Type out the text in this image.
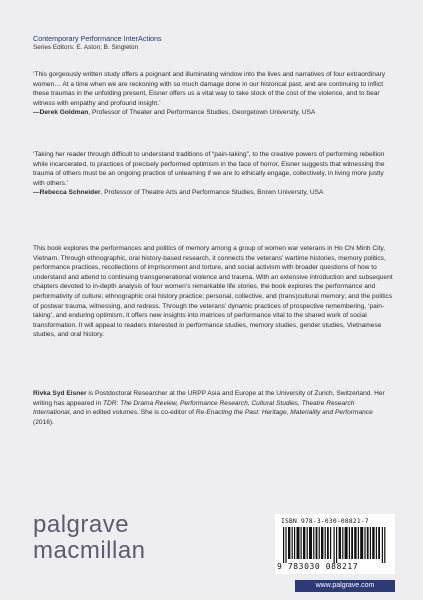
Contemporary Performance InterActions
Series Editors: E. Aston; B. Singleton

‘This gorgeously written study offers a poignant and illuminating window into the lives and narratives of four extraordinary women… At a time when we are reckoning with so much damage done in our historical past, and are continuing to inflict these traumas in the unfolding present, Eisner offers us a vital way to take stock of the cost of the violence, and to bear witness with empathy and profound insight.’

—Derek Goldman, Professor of Theater and Performance Studies, Georgetown University, USA

‘Taking her reader through difficult to understand traditions of “pain-taking”, to the creative powers of performing rebellion while incarcerated, to practices of precisely performed optimism in the face of horror, Eisner suggests that witnessing the trauma of others must be an ongoing practice of unlearning if we are to ethically engage, collectively, in living more justly with others.’

—Rebecca Schneider, Professor of Theatre Arts and Performance Studies, Brown University, USA

This book explores the performances and politics of memory among a group of women war veterans in Ho Chi Minh City, Vietnam. Through ethnographic, oral history-based research, it connects the veterans’ wartime histories, memory politics, performance practices, recollections of imprisonment and torture, and social activism with broader questions of how to understand and attend to continuing transgenerational violence and trauma. With an extensive introduction and subsequent chapters devoted to in-depth analysis of four women’s remarkable life stories, the book explores the performance and performativity of culture; ethnographic oral history practice; personal, collective, and (trans)cultural memory; and the politics of postwar trauma, witnessing, and redress. Through the veterans’ dynamic practices of prospective remembering, ‘pain-taking’, and enduring optimism, it offers new insights into matrices of performance vital to the shared work of social transformation. It will appeal to readers interested in performance studies, memory studies, gender studies, Vietnamese studies, and oral history.

Rivka Syd Eisner is Postdoctoral Researcher at the URPP Asia and Europe at the University of Zurich, Switzerland. Her writing has appeared in TDR: The Drama Review, Performance Research, Cultural Studies, Theatre Research International, and in edited volumes. She is co-editor of Re-Enacting the Past: Heritage, Materiality and Performance (2016).

palgrave
macmillan
ISBN 978-3-030-08821-7
9 783030 088217
www.palgrave.com
